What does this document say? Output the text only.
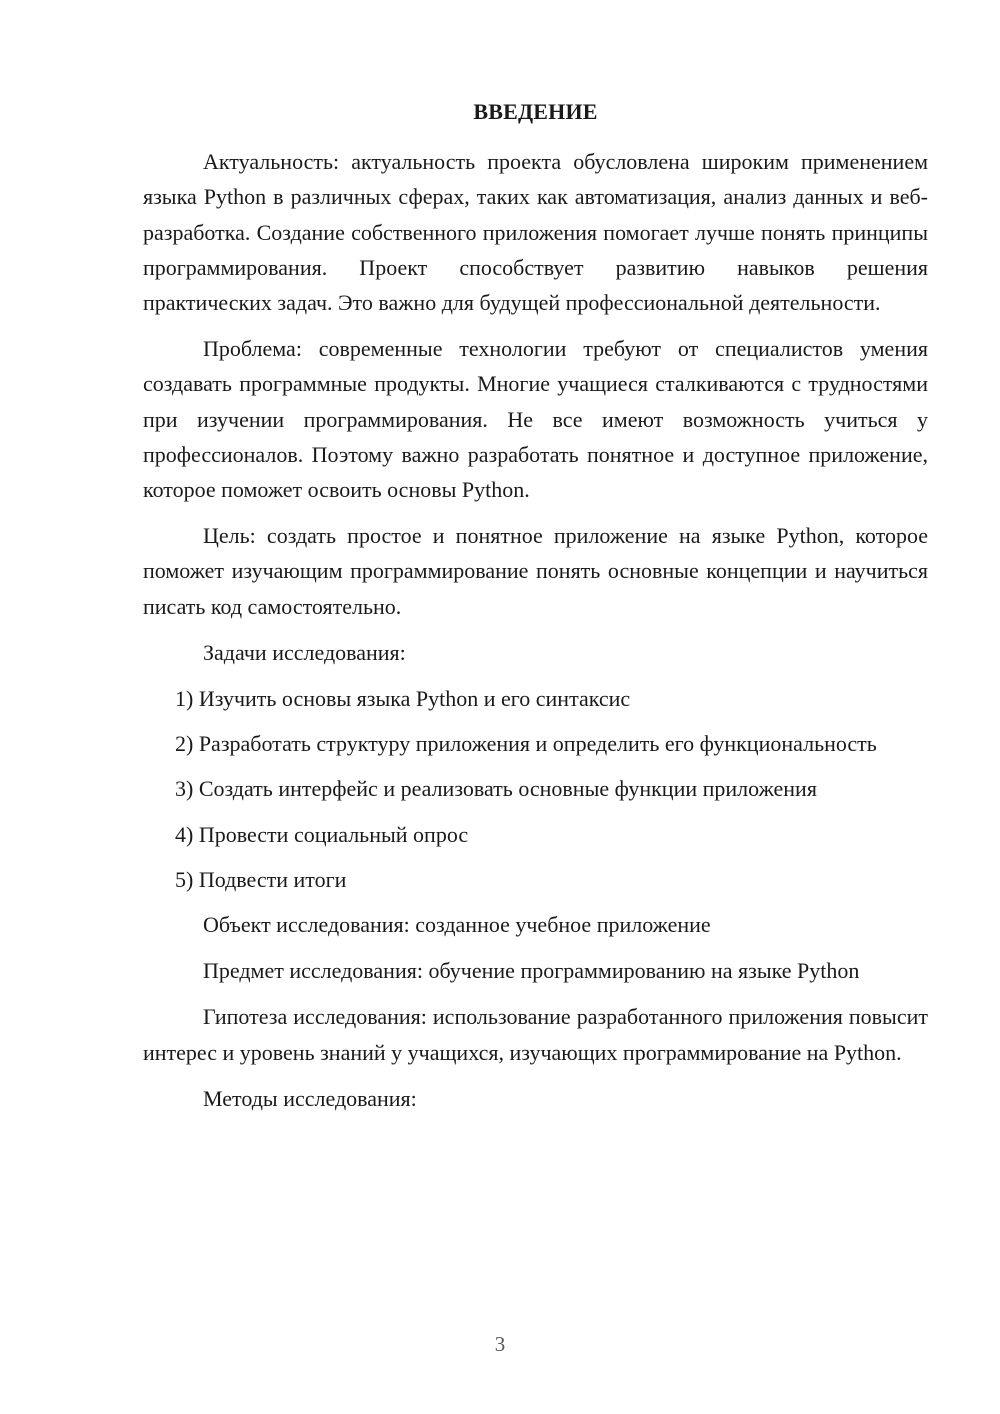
ВВЕДЕНИЕ

Актуальность: актуальность проекта обусловлена широким применением языка Python в различных сферах, таких как автоматизация, анализ данных и веб-разработка. Создание собственного приложения помогает лучше понять принципы программирования. Проект способствует развитию навыков решения практических задач. Это важно для будущей профессиональной деятельности.

Проблема: современные технологии требуют от специалистов умения создавать программные продукты. Многие учащиеся сталкиваются с трудностями при изучении программирования. Не все имеют возможность учиться у профессионалов. Поэтому важно разработать понятное и доступное приложение, которое поможет освоить основы Python.

Цель: создать простое и понятное приложение на языке Python, которое поможет изучающим программирование понять основные концепции и научиться писать код самостоятельно.

Задачи исследования:

1) Изучить основы языка Python и его синтаксис

2) Разработать структуру приложения и определить его функциональность

3) Создать интерфейс и реализовать основные функции приложения

4) Провести социальный опрос

5) Подвести итоги

Объект исследования: созданное учебное приложение

Предмет исследования: обучение программированию на языке Python

Гипотеза исследования: использование разработанного приложения повысит интерес и уровень знаний у учащихся, изучающих программирование на Python.

Методы исследования:

3
